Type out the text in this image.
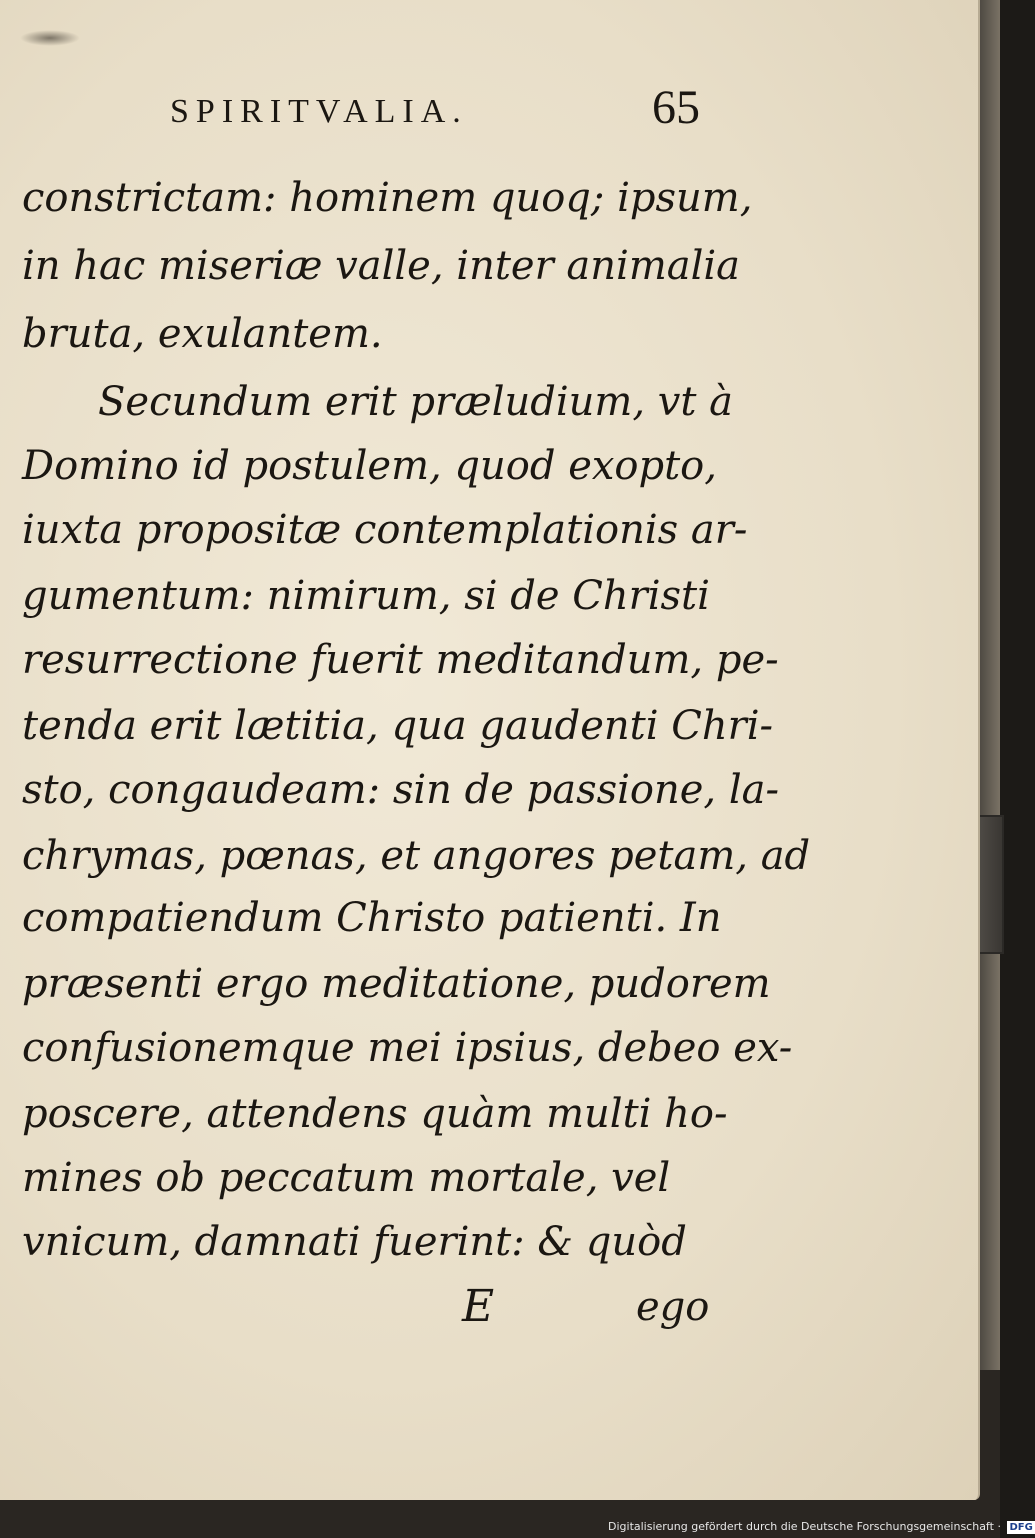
SPIRITVALIA.	65
constrictam: hominem quoq; ipsum,
in hac miseriæ valle, inter animalia
bruta, exulantem.
Secundum erit præludium, vt à
Domino id postulem, quod exopto,
iuxta propositæ contemplationis ar-
gumentum: nimirum, si de Christi
resurrectione fuerit meditandum, pe-
tenda erit lætitia, qua gaudenti Chri-
sto, congaudeam: sin de passione, la-
chrymas, pœnas, et angores petam, ad
compatiendum Christo patienti. In
præsenti ergo meditatione, pudorem
confusionemque mei ipsius, debeo ex-
poscere, attendens quàm multi ho-
mines ob peccatum mortale, vel
vnicum, damnati fuerint: & quòd
E	ego
Digitalisierung gefördert durch die Deutsche Forschungsgemeinschaft · DFG
